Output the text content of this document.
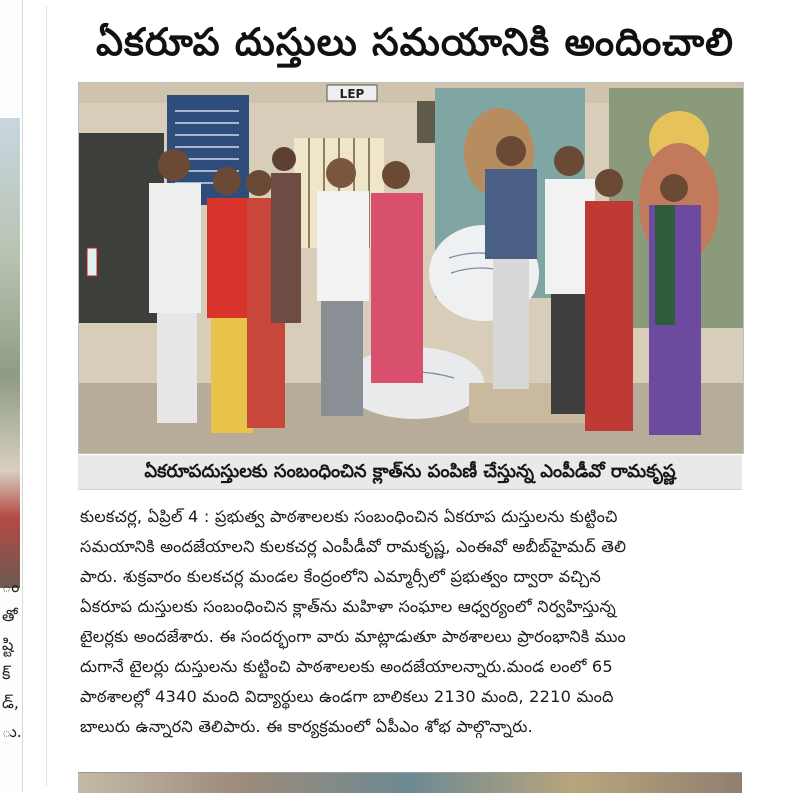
ం
తో
ష్టి
క్
డ్,
ు.
ఏకరూప దుస్తులు సమయానికి అందించాలి
LEP
ఏకరూపదుస్తులకు సంబంధించిన క్లాత్‌ను పంపిణీ చేస్తున్న ఎంపీడీవో రామకృష్ణ
కులకచర్ల, ఏప్రిల్ 4 : ప్రభుత్వ పాఠశాలలకు సంబంధించిన ఏకరూప దుస్తులను కుట్టించి
సమయానికి అందజేయాలని కులకచర్ల ఎంపీడీవో రామకృష్ణ, ఎంఈవో అబీబ్‌హైమద్ తెలి
పారు. శుక్రవారం కులకచర్ల మండల కేంద్రంలోని ఎమ్మార్సీలో ప్రభుత్వం ద్వారా వచ్చిన
ఏకరూప దుస్తులకు సంబంధించిన క్లాత్‌ను మహిళా సంఘాల ఆధ్వర్యంలో నిర్వహిస్తున్న
టైలర్లకు అందజేశారు. ఈ సందర్భంగా వారు మాట్లాడుతూ పాఠశాలలు ప్రారంభానికి ముం
దుగానే టైలర్లు దుస్తులను కుట్టించి పాఠశాలలకు అందజేయాలన్నారు.మండ లంలో 65
పాఠశాలల్లో 4340 మంది విద్యార్థులు ఉండగా బాలికలు 2130 మంది, 2210 మంది
బాలురు ఉన్నారని తెలిపారు. ఈ కార్యక్రమంలో ఏపీఎం శోభ పాల్గొన్నారు.
